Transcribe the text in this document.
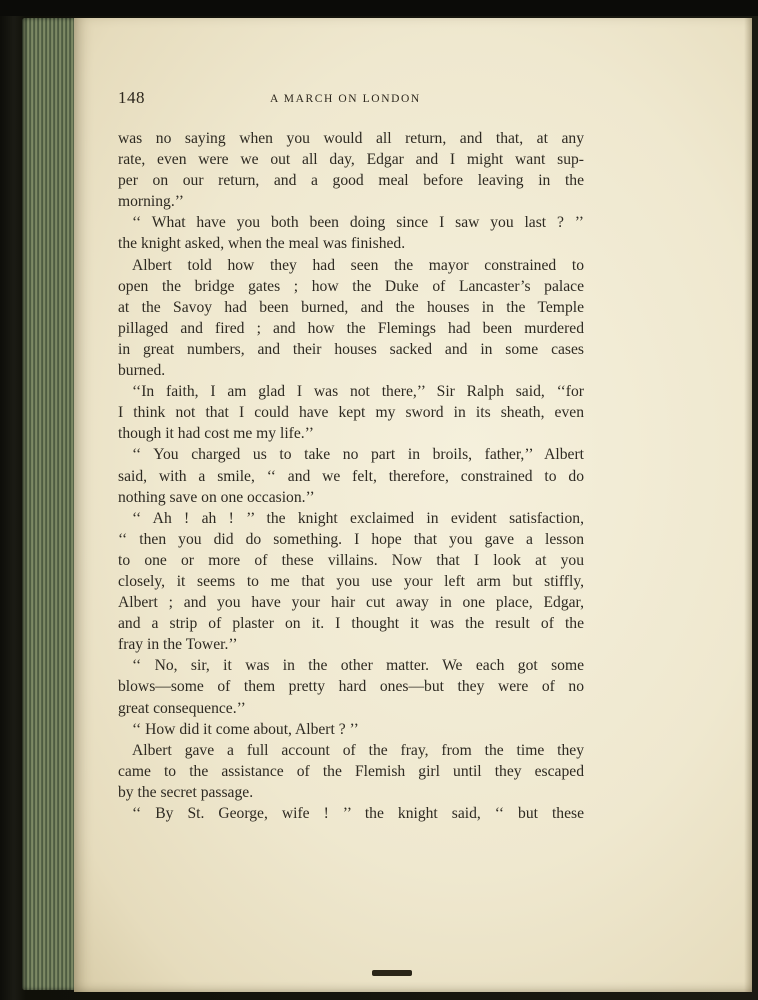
148	A MARCH ON LONDON
was no saying when you would all return, and that, at any
rate, even were we out all day, Edgar and I might want sup-
per on our return, and a good meal before leaving in the
morning.’’
‘‘ What have you both been doing since I saw you last ? ’’
the knight asked, when the meal was finished.
Albert told how they had seen the mayor constrained to
open the bridge gates ; how the Duke of Lancaster’s palace
at the Savoy had been burned, and the houses in the Temple
pillaged and fired ; and how the Flemings had been murdered
in great numbers, and their houses sacked and in some cases
burned.
‘‘In faith, I am glad I was not there,’’ Sir Ralph said, ‘‘for
I think not that I could have kept my sword in its sheath, even
though it had cost me my life.’’
‘‘ You charged us to take no part in broils, father,’’ Albert
said, with a smile, ‘‘ and we felt, therefore, constrained to do
nothing save on one occasion.’’
‘‘ Ah ! ah ! ’’ the knight exclaimed in evident satisfaction,
‘‘ then you did do something. I hope that you gave a lesson
to one or more of these villains. Now that I look at you
closely, it seems to me that you use your left arm but stiffly,
Albert ; and you have your hair cut away in one place, Edgar,
and a strip of plaster on it. I thought it was the result of the
fray in the Tower.’’
‘‘ No, sir, it was in the other matter. We each got some
blows—some of them pretty hard ones—but they were of no
great consequence.’’
‘‘ How did it come about, Albert ? ’’
Albert gave a full account of the fray, from the time they
came to the assistance of the Flemish girl until they escaped
by the secret passage.
‘‘ By St. George, wife ! ’’ the knight said, ‘‘ but these
